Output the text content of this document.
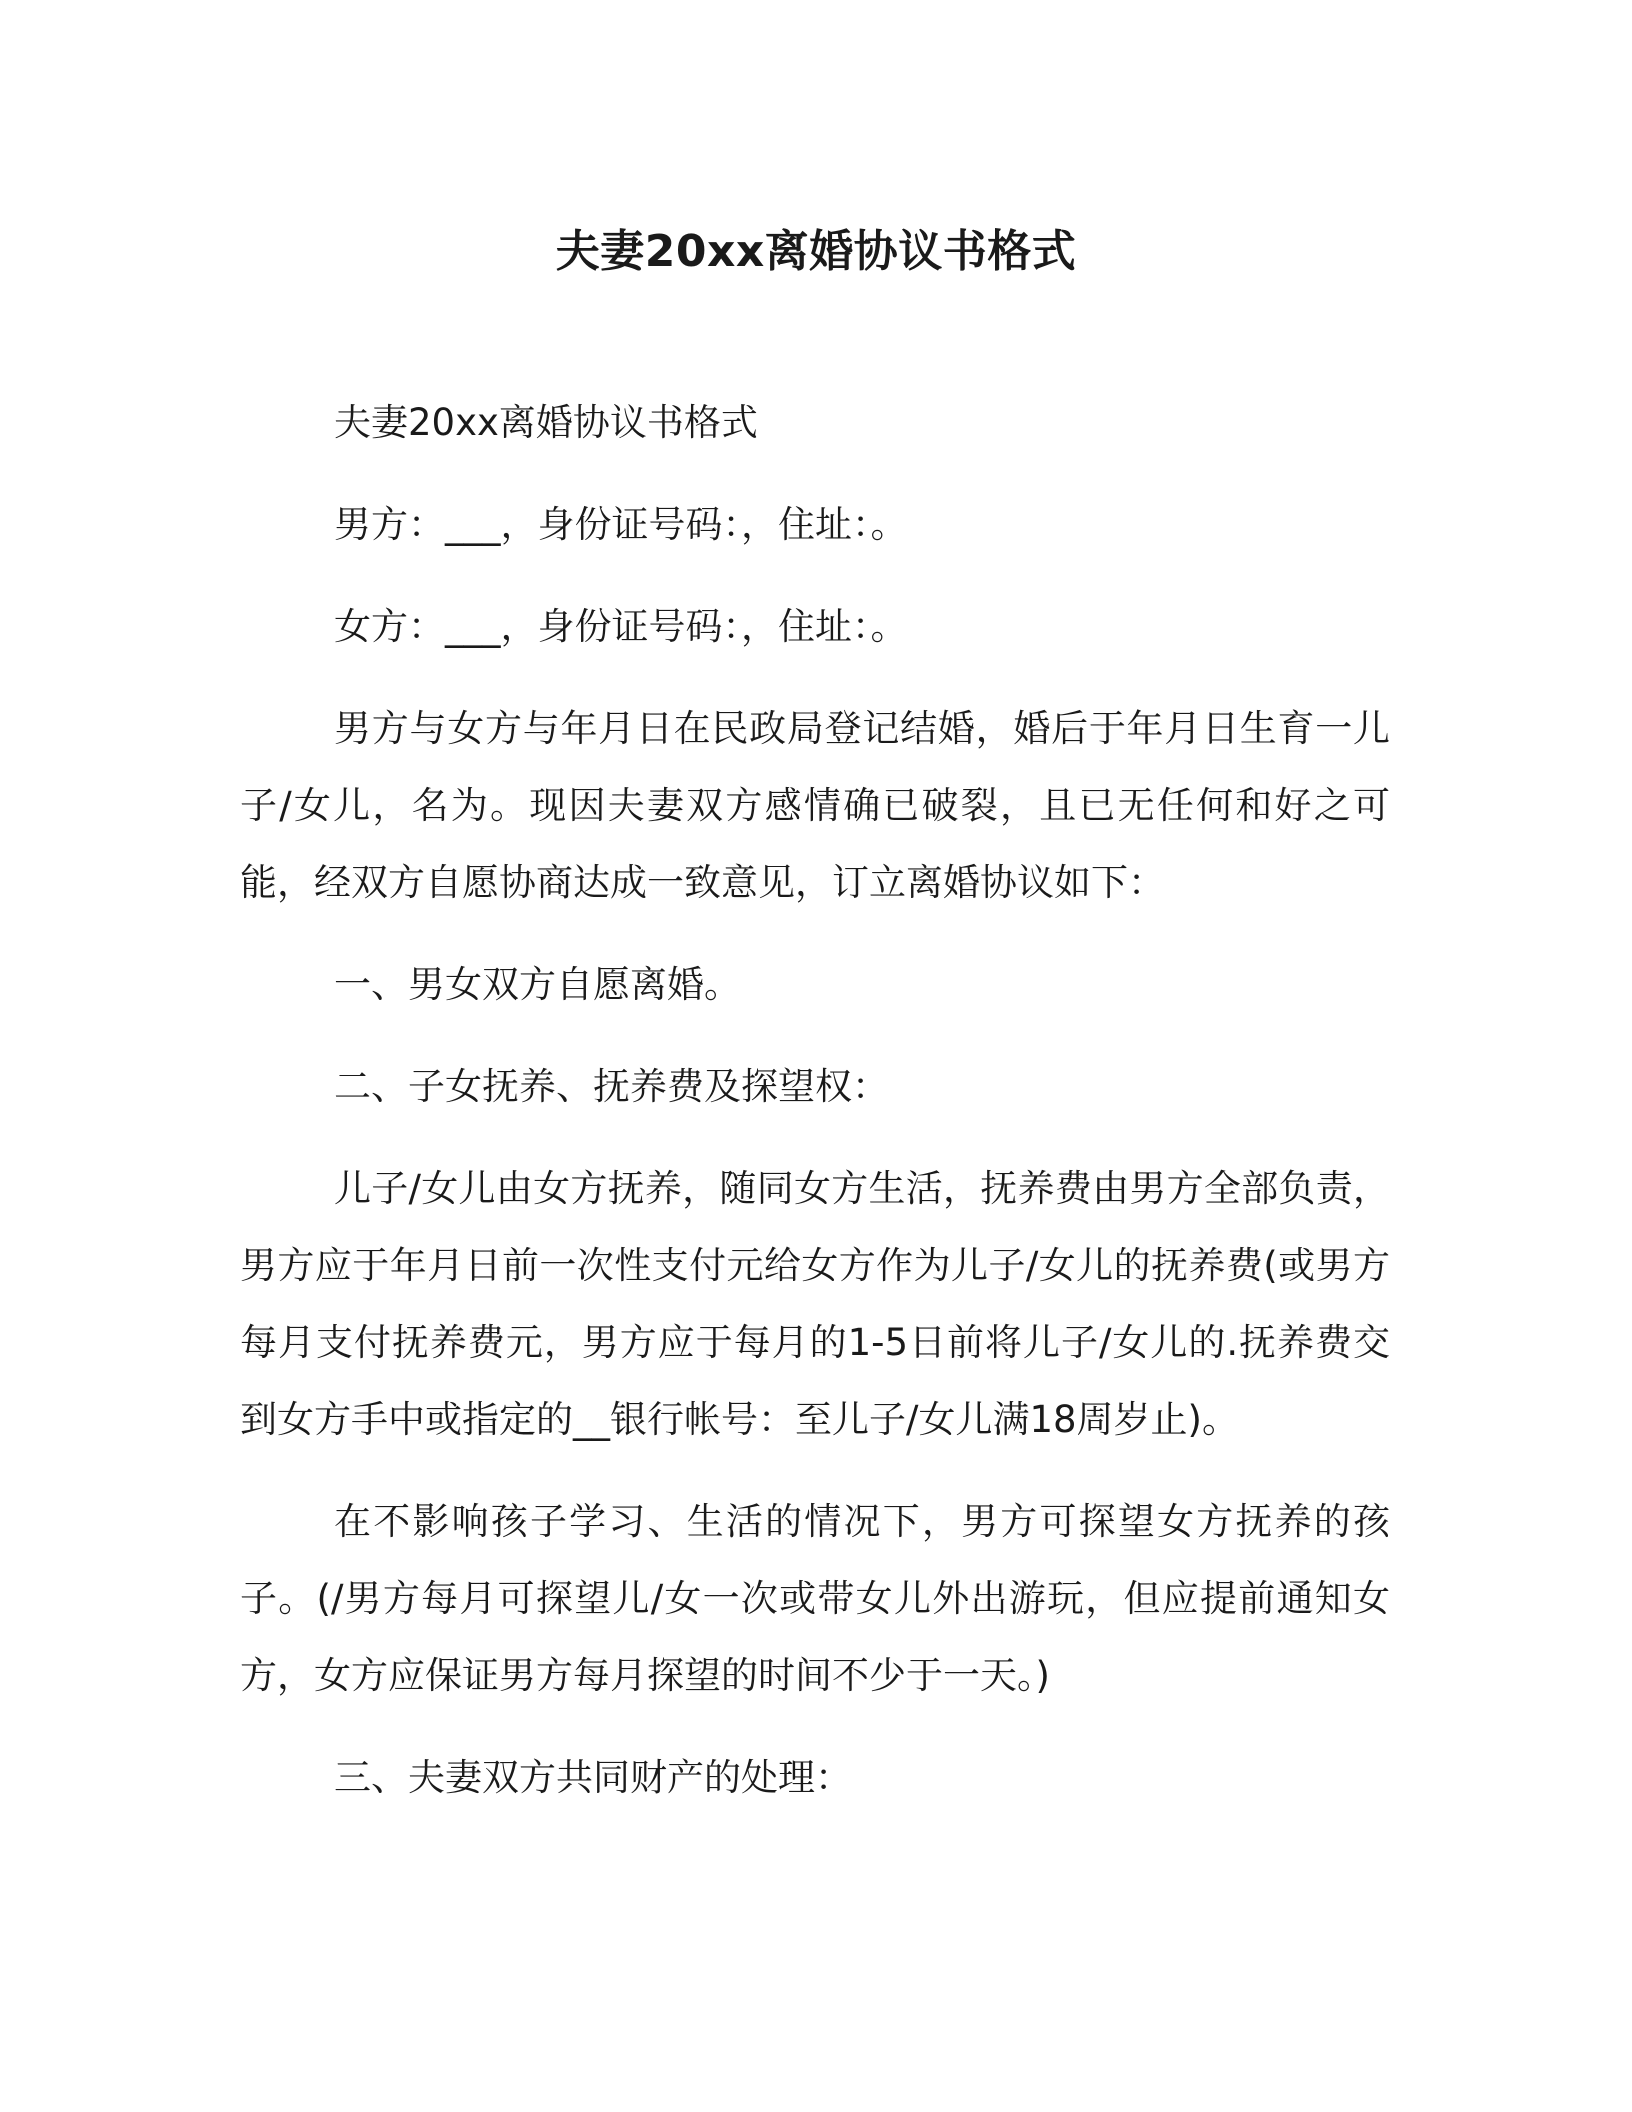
夫妻20xx离婚协议书格式

夫妻20xx离婚协议书格式

男方：___，身份证号码：，住址：。

女方：___，身份证号码：，住址：。

男方与女方与年月日在民政局登记结婚，婚后于年月日生育一儿子/女儿，名为。现因夫妻双方感情确已破裂，且已无任何和好之可能，经双方自愿协商达成一致意见，订立离婚协议如下：

一、男女双方自愿离婚。

二、子女抚养、抚养费及探望权：

儿子/女儿由女方抚养，随同女方生活，抚养费由男方全部负责，男方应于年月日前一次性支付元给女方作为儿子/女儿的抚养费(或男方每月支付抚养费元，男方应于每月的1-5日前将儿子/女儿的.抚养费交到女方手中或指定的__银行帐号：至儿子/女儿满18周岁止)。

在不影响孩子学习、生活的情况下，男方可探望女方抚养的孩子。(/男方每月可探望儿/女一次或带女儿外出游玩，但应提前通知女方，女方应保证男方每月探望的时间不少于一天。)

三、夫妻双方共同财产的处理：
